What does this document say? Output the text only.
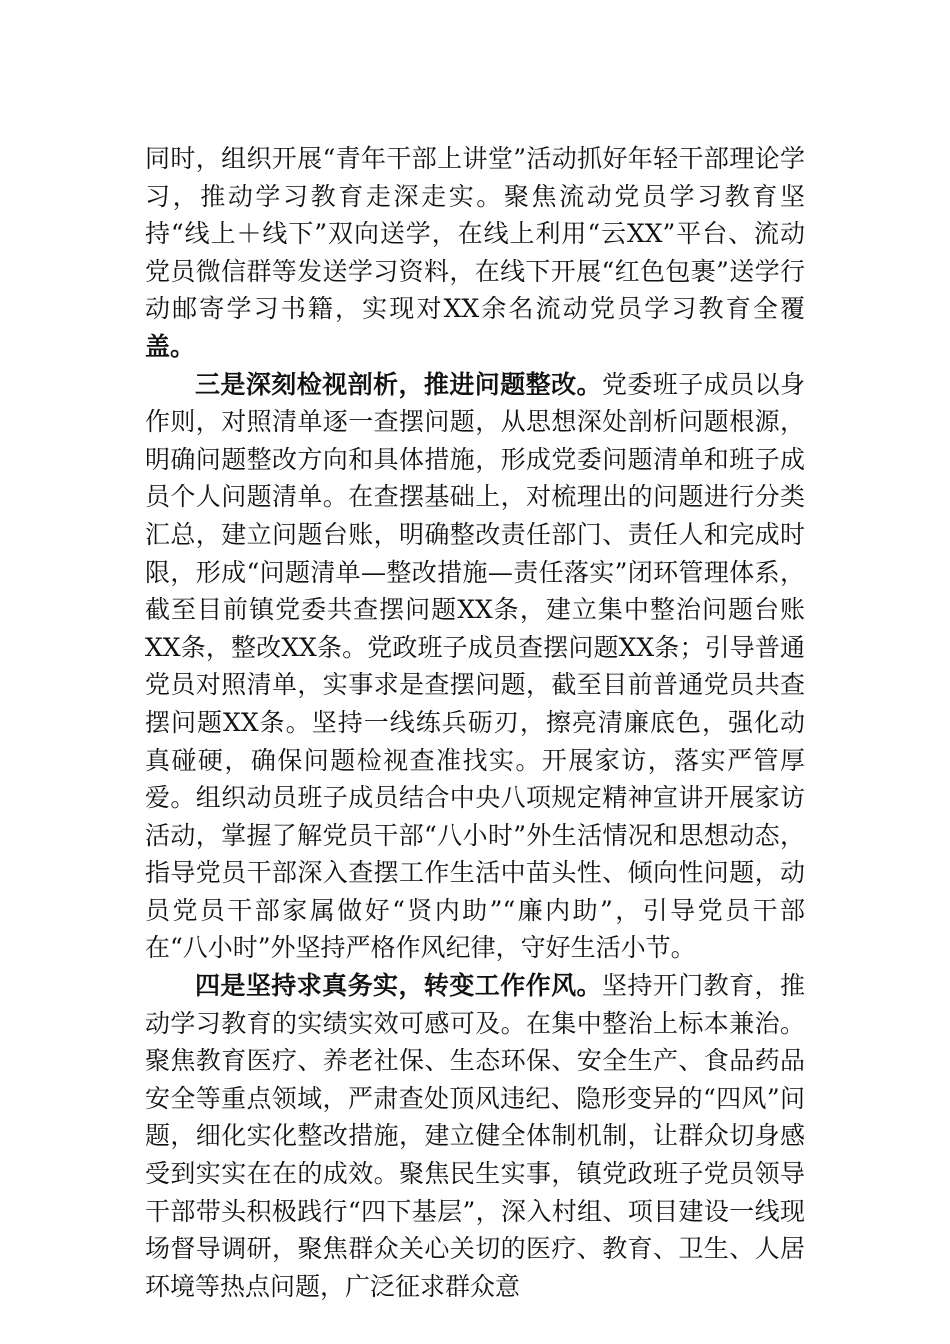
同时，组织开展“青年干部上讲堂”活动抓好年轻干部理论学习，推动学习教育走深走实。聚焦流动党员学习教育坚持“线上＋线下”双向送学，在线上利用“云XX”平台、流动党员微信群等发送学习资料，在线下开展“红色包裹”送学行动邮寄学习书籍，实现对XX余名流动党员学习教育全覆盖。

三是深刻检视剖析，推进问题整改。党委班子成员以身作则，对照清单逐一查摆问题，从思想深处剖析问题根源，明确问题整改方向和具体措施，形成党委问题清单和班子成员个人问题清单。在查摆基础上，对梳理出的问题进行分类汇总，建立问题台账，明确整改责任部门、责任人和完成时限，形成“问题清单—整改措施—责任落实”闭环管理体系，截至目前镇党委共查摆问题XX条，建立集中整治问题台账XX条，整改XX条。党政班子成员查摆问题XX条；引导普通党员对照清单，实事求是查摆问题，截至目前普通党员共查摆问题XX条。坚持一线练兵砺刃，擦亮清廉底色，强化动真碰硬，确保问题检视查准找实。开展家访，落实严管厚爱。组织动员班子成员结合中央八项规定精神宣讲开展家访活动，掌握了解党员干部“八小时”外生活情况和思想动态，指导党员干部深入查摆工作生活中苗头性、倾向性问题，动员党员干部家属做好“贤内助”“廉内助”，引导党员干部在“八小时”外坚持严格作风纪律，守好生活小节。

四是坚持求真务实，转变工作作风。坚持开门教育，推动学习教育的实绩实效可感可及。在集中整治上标本兼治。聚焦教育医疗、养老社保、生态环保、安全生产、食品药品安全等重点领域，严肃查处顶风违纪、隐形变异的“四风”问题，细化实化整改措施，建立健全体制机制，让群众切身感受到实实在在的成效。聚焦民生实事，镇党政班子党员领导干部带头积极践行“四下基层”，深入村组、项目建设一线现场督导调研，聚焦群众关心关切的医疗、教育、卫生、人居环境等热点问题，广泛征求群众意
